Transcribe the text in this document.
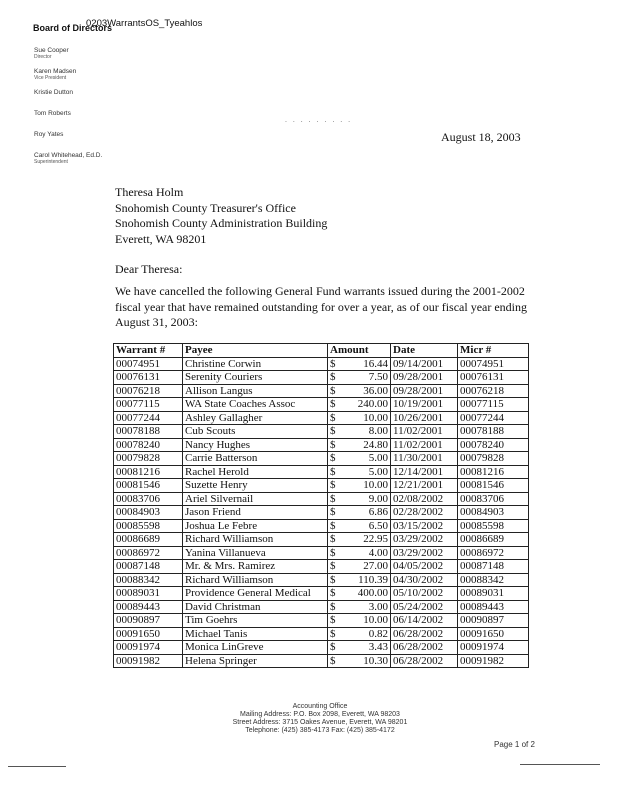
Board of Directors
0203WarrantsOS_Tyeahlos
Sue Cooper
Director
Karen Madsen
Vice President
Kristie Dutton
Tom Roberts
Roy Yates
Carol Whitehead, Ed.D.
Superintendent
. . . . . . . . .
August 18, 2003
Theresa Holm
Snohomish County Treasurer's Office
Snohomish County Administration Building
Everett, WA 98201
Dear Theresa:
We have cancelled the following General Fund warrants issued during the 2001-2002 fiscal year that have remained outstanding for over a year, as of our fiscal year ending August 31, 2003:
Warrant #	Payee	Amount	Date	Micr #
00074951	Christine Corwin	$ 16.44	09/14/2001	00074951
00076131	Serenity Couriers	$ 7.50	09/28/2001	00076131
00076218	Allison Langus	$ 36.00	09/28/2001	00076218
00077115	WA State Coaches Assoc	$ 240.00	10/19/2001	00077115
00077244	Ashley Gallagher	$ 10.00	10/26/2001	00077244
00078188	Cub Scouts	$ 8.00	11/02/2001	00078188
00078240	Nancy Hughes	$ 24.80	11/02/2001	00078240
00079828	Carrie Batterson	$ 5.00	11/30/2001	00079828
00081216	Rachel Herold	$ 5.00	12/14/2001	00081216
00081546	Suzette Henry	$ 10.00	12/21/2001	00081546
00083706	Ariel Silvernail	$ 9.00	02/08/2002	00083706
00084903	Jason Friend	$ 6.86	02/28/2002	00084903
00085598	Joshua Le Febre	$ 6.50	03/15/2002	00085598
00086689	Richard Williamson	$ 22.95	03/29/2002	00086689
00086972	Yanina Villanueva	$ 4.00	03/29/2002	00086972
00087148	Mr. & Mrs. Ramirez	$ 27.00	04/05/2002	00087148
00088342	Richard Williamson	$ 110.39	04/30/2002	00088342
00089031	Providence General Medical	$ 400.00	05/10/2002	00089031
00089443	David Christman	$ 3.00	05/24/2002	00089443
00090897	Tim Goehrs	$ 10.00	06/14/2002	00090897
00091650	Michael Tanis	$ 0.82	06/28/2002	00091650
00091974	Monica LinGreve	$ 3.43	06/28/2002	00091974
00091982	Helena Springer	$ 10.30	06/28/2002	00091982
Accounting Office
Mailing Address: P.O. Box 2098, Everett, WA 98203
Street Address: 3715 Oakes Avenue, Everett, WA 98201
Telephone: (425) 385-4173 Fax: (425) 385-4172
Page 1 of 2
